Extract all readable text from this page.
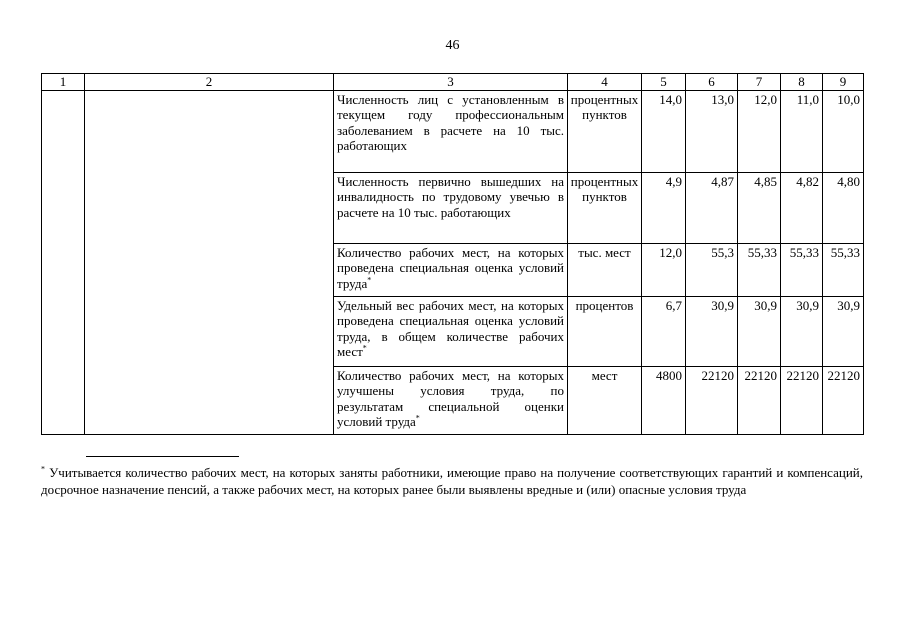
46
1	2	3	4	5	6	7	8	9
		Численность лиц с установленным в текущем году профессиональным заболеванием в расчете на 10 тыс. работающих	процентных пунктов	14,0	13,0	12,0	11,0	10,0
		Численность первично вышедших на инвалидность по трудовому увечью в расчете на 10 тыс. работающих	процентных пунктов	4,9	4,87	4,85	4,82	4,80
		Количество рабочих мест, на которых проведена специальная оценка условий труда*	тыс. мест	12,0	55,3	55,33	55,33	55,33
		Удельный вес рабочих мест, на которых проведена специальная оценка условий труда, в общем количестве рабочих мест*	процентов	6,7	30,9	30,9	30,9	30,9
		Количество рабочих мест, на которых улучшены условия труда, по результатам специальной оценки условий труда*	мест	4800	22120	22120	22120	22120
* Учитывается количество рабочих мест, на которых заняты работники, имеющие право на получение соответствующих гарантий и компенсаций, досрочное назначение пенсий, а также рабочих мест, на которых ранее были выявлены вредные и (или) опасные условия труда
